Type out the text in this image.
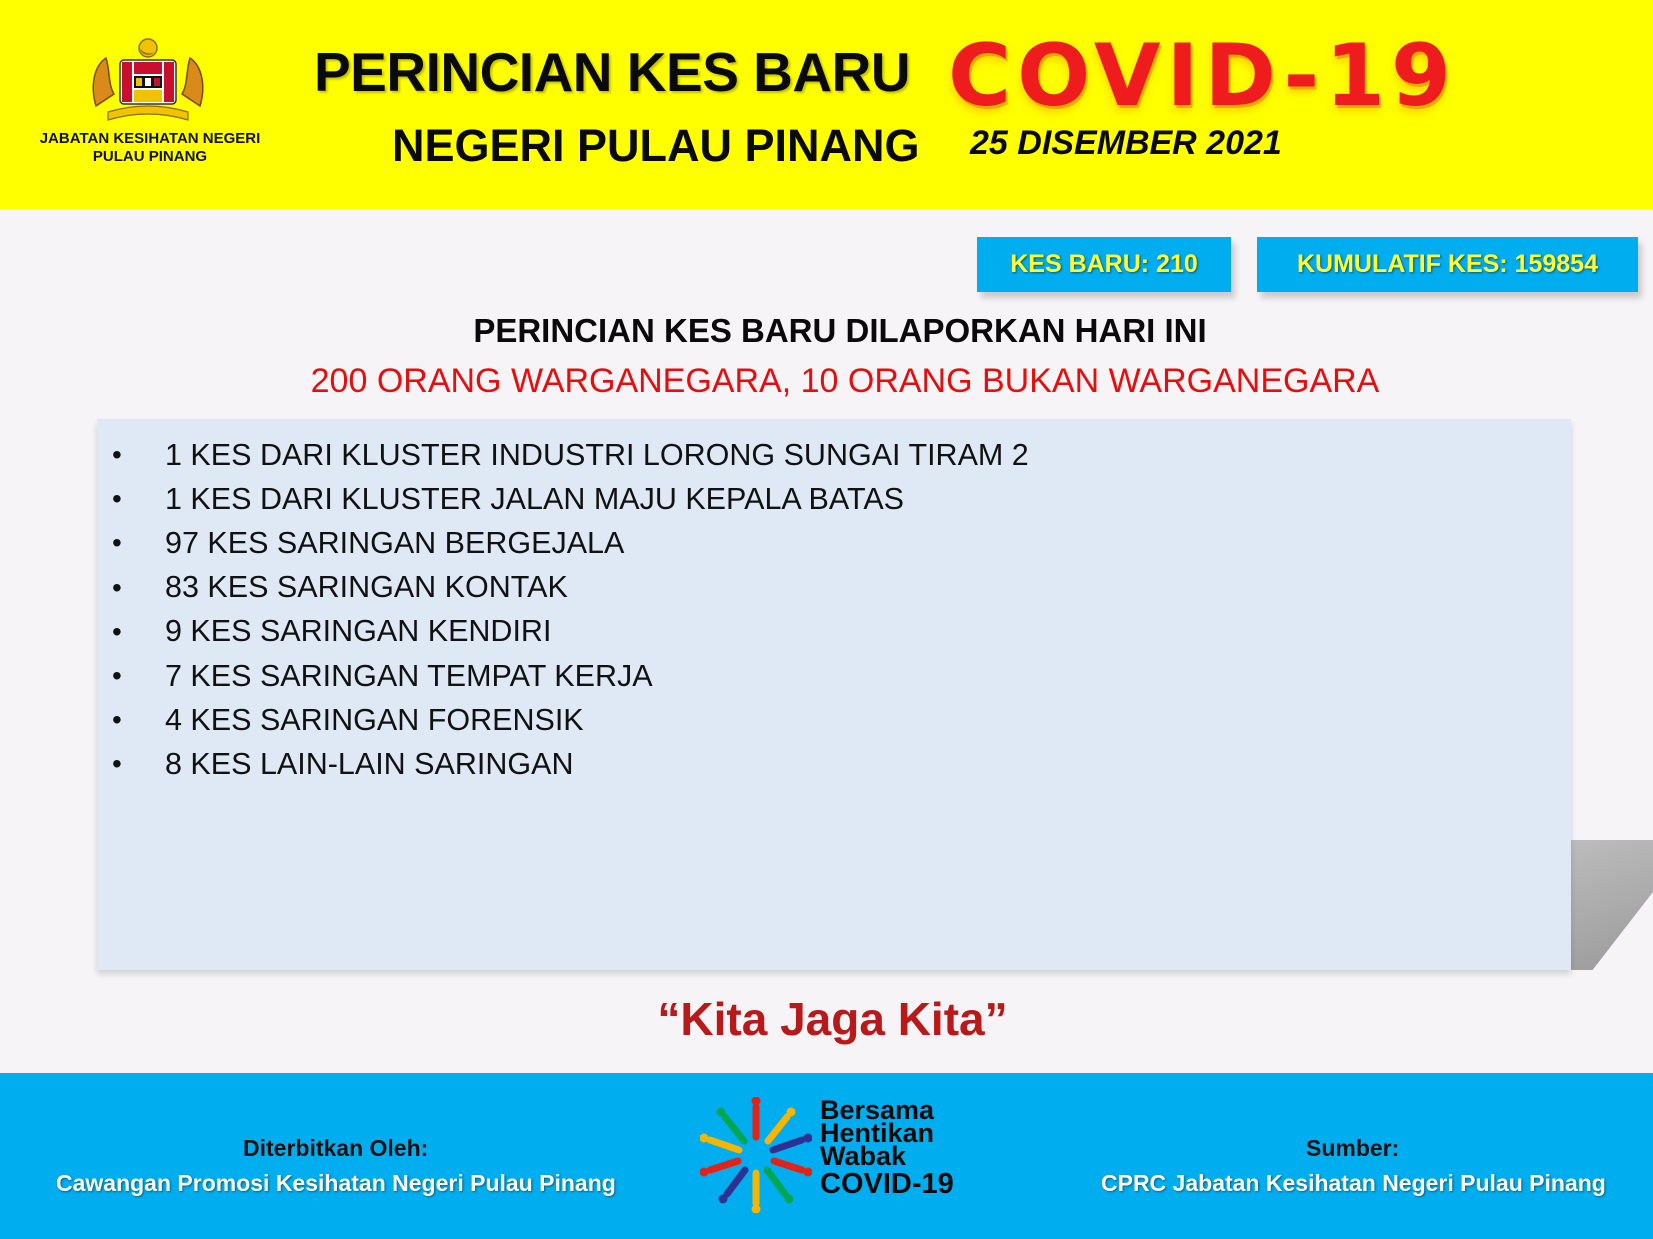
JABATAN KESIHATAN NEGERI
PULAU PINANG
PERINCIAN KES BARU COVID-19
NEGERI PULAU PINANG 25 DISEMBER 2021
KES BARU: 210	KUMULATIF KES: 159854
PERINCIAN KES BARU DILAPORKAN HARI INI
200 ORANG WARGANEGARA, 10 ORANG BUKAN WARGANEGARA
• 1 KES DARI KLUSTER INDUSTRI LORONG SUNGAI TIRAM 2
• 1 KES DARI KLUSTER JALAN MAJU KEPALA BATAS
• 97 KES SARINGAN BERGEJALA
• 83 KES SARINGAN KONTAK
• 9 KES SARINGAN KENDIRI
• 7 KES SARINGAN TEMPAT KERJA
• 4 KES SARINGAN FORENSIK
• 8 KES LAIN-LAIN SARINGAN
“Kita Jaga Kita”
Diterbitkan Oleh:
Cawangan Promosi Kesihatan Negeri Pulau Pinang
Bersama
Hentikan
Wabak
COVID-19
Sumber:
CPRC Jabatan Kesihatan Negeri Pulau Pinang
